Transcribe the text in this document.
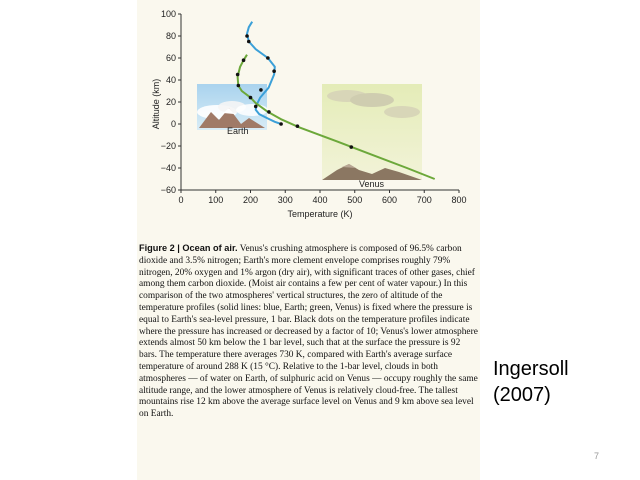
−60
−40
−20
0
20
40
60
80
100
0	100 200 300 400 500 600 700 800
Earth
Venus
Temperature (K)
Altitude (km)
Figure 2 | Ocean of air. Venus's crushing atmosphere is composed of 96.5% carbon dioxide and 3.5% nitrogen; Earth's more clement envelope comprises roughly 79% nitrogen, 20% oxygen and 1% argon (dry air), with significant traces of other gases, chief among them carbon dioxide. (Moist air contains a few per cent of water vapour.) In this comparison of the two atmospheres' vertical structures, the zero of altitude of the temperature profiles (solid lines: blue, Earth; green, Venus) is fixed where the pressure is equal to Earth's sea-level pressure, 1 bar. Black dots on the temperature profiles indicate where the pressure has increased or decreased by a factor of 10; Venus's lower atmosphere extends almost 50 km below the 1 bar level, such that at the surface the pressure is 92 bars. The temperature there averages 730 K, compared with Earth's average surface temperature of around 288 K (15 °C). Relative to the 1-bar level, clouds in both atmospheres — of water on Earth, of sulphuric acid on Venus — occupy roughly the same altitude range, and the lower atmosphere of Venus is relatively cloud-free. The tallest mountains rise 12 km above the average surface level on Venus and 9 km above sea level on Earth.
Ingersoll
(2007)
7
